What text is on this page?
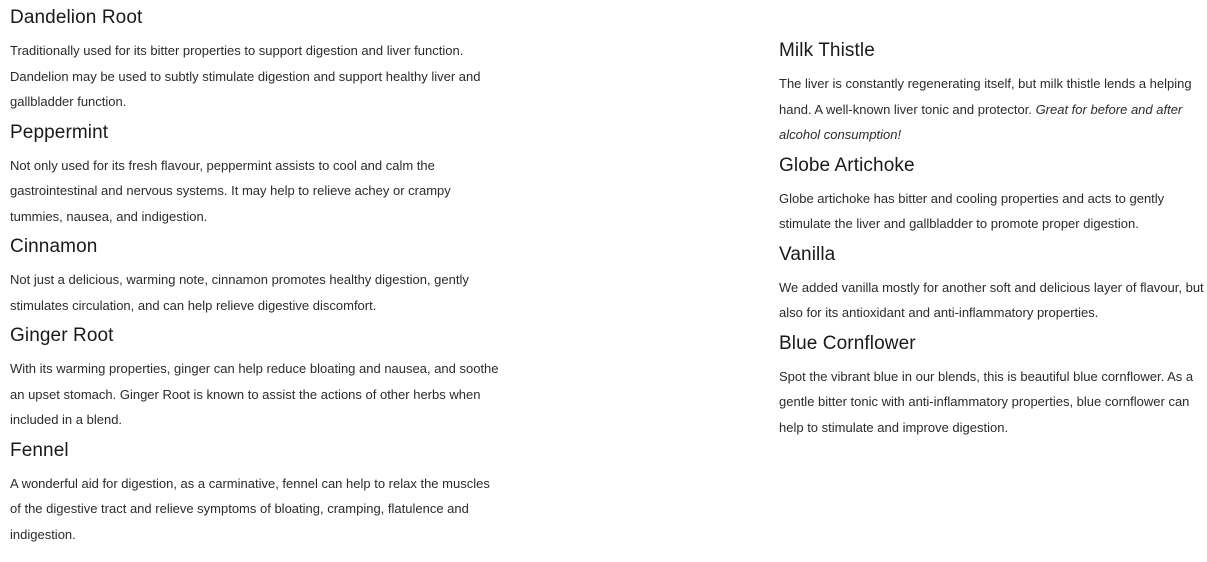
Dandelion Root

Traditionally used for its bitter properties to support digestion and liver function. Dandelion may be used to subtly stimulate digestion and support healthy liver and gallbladder function.

Peppermint

Not only used for its fresh flavour, peppermint assists to cool and calm the gastrointestinal and nervous systems. It may help to relieve achey or crampy tummies, nausea, and indigestion.

Cinnamon

Not just a delicious, warming note, cinnamon promotes healthy digestion, gently stimulates circulation, and can help relieve digestive discomfort.

Ginger Root

With its warming properties, ginger can help reduce bloating and nausea, and soothe an upset stomach. Ginger Root is known to assist the actions of other herbs when included in a blend.

Fennel

A wonderful aid for digestion, as a carminative, fennel can help to relax the muscles of the digestive tract and relieve symptoms of bloating, cramping, flatulence and indigestion.

Milk Thistle

The liver is constantly regenerating itself, but milk thistle lends a helping hand. A well-known liver tonic and protector. Great for before and after alcohol consumption!

Globe Artichoke

Globe artichoke has bitter and cooling properties and acts to gently stimulate the liver and gallbladder to promote proper digestion.

Vanilla

We added vanilla mostly for another soft and delicious layer of flavour, but also for its antioxidant and anti-inflammatory properties.

Blue Cornflower

Spot the vibrant blue in our blends, this is beautiful blue cornflower. As a gentle bitter tonic with anti-inflammatory properties, blue cornflower can help to stimulate and improve digestion.
